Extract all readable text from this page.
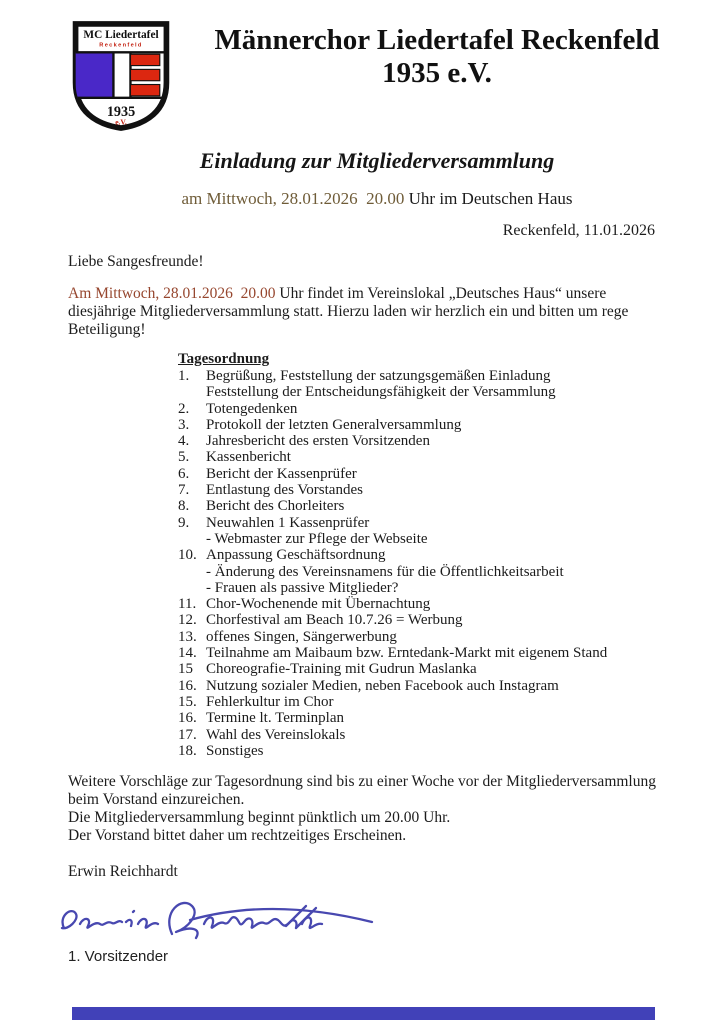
MC Liedertafel
Reckenfeld
1935
e.V.
Männerchor Liedertafel Reckenfeld
1935 e.V.
Einladung zur Mitgliederversammlung
am Mittwoch, 28.01.2026  20.00 Uhr im Deutschen Haus
Reckenfeld, 11.01.2026
Liebe Sangesfreunde!
Am Mittwoch, 28.01.2026  20.00 Uhr findet im Vereinslokal „Deutsches Haus“ unsere diesjährige Mitgliederversammlung statt. Hierzu laden wir herzlich ein und bitten um rege Beteiligung!
Tagesordnung
1.	Begrüßung, Feststellung der satzungsgemäßen Einladung
Feststellung der Entscheidungsfähigkeit der Versammlung
2.	Totengedenken
3.	Protokoll der letzten Generalversammlung
4.	Jahresbericht des ersten Vorsitzenden
5.	Kassenbericht
6.	Bericht der Kassenprüfer
7.	Entlastung des Vorstandes
8.	Bericht des Chorleiters
9.	Neuwahlen 1 Kassenprüfer
- Webmaster zur Pflege der Webseite
10. Anpassung Geschäftsordnung
- Änderung des Vereinsnamens für die Öffentlichkeitsarbeit
- Frauen als passive Mitglieder?
11. Chor-Wochenende mit Übernachtung
12. Chorfestival am Beach 10.7.26 = Werbung
13. offenes Singen, Sängerwerbung
14. Teilnahme am Maibaum bzw. Erntedank-Markt mit eigenem Stand
15 Choreografie-Training mit Gudrun Maslanka
16. Nutzung sozialer Medien, neben Facebook auch Instagram
15. Fehlerkultur im Chor
16. Termine lt. Terminplan
17. Wahl des Vereinslokals
18. Sonstiges
Weitere Vorschläge zur Tagesordnung sind bis zu einer Woche vor der Mitgliederversammlung beim Vorstand einzureichen.
Die Mitgliederversammlung beginnt pünktlich um 20.00 Uhr.
Der Vorstand bittet daher um rechtzeitiges Erscheinen.
Erwin Reichhardt
1. Vorsitzender
